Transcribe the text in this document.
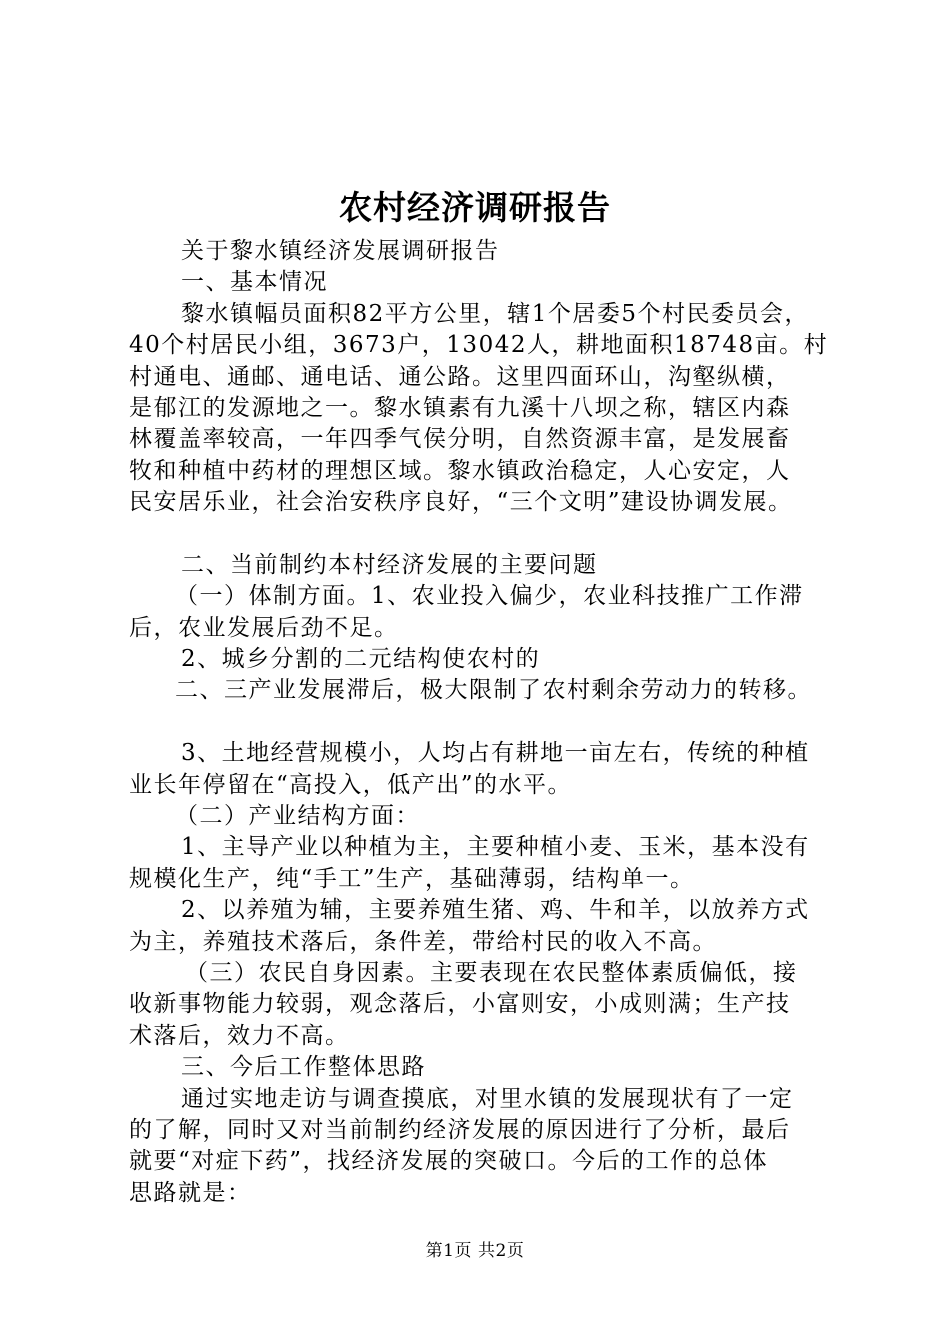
农村经济调研报告
关于黎水镇经济发展调研报告
一、基本情况
黎水镇幅员面积82平方公里，辖1个居委5个村民委员会，
40个村居民小组，3673户，13042人，耕地面积18748亩。村
村通电、通邮、通电话、通公路。这里四面环山，沟壑纵横，
是郁江的发源地之一。黎水镇素有九溪十八坝之称，辖区内森
林覆盖率较高，一年四季气侯分明，自然资源丰富，是发展畜
牧和种植中药材的理想区域。黎水镇政治稳定，人心安定，人
民安居乐业，社会治安秩序良好，“三个文明”建设协调发展。
二、当前制约本村经济发展的主要问题
（一）体制方面。1、农业投入偏少，农业科技推广工作滞
后，农业发展后劲不足。
2、城乡分割的二元结构使农村的
二、三产业发展滞后，极大限制了农村剩余劳动力的转移。
3、土地经营规模小，人均占有耕地一亩左右，传统的种植
业长年停留在“高投入，低产出”的水平。
（二）产业结构方面：
1、主导产业以种植为主，主要种植小麦、玉米，基本没有
规模化生产，纯“手工”生产，基础薄弱，结构单一。
2、以养殖为辅，主要养殖生猪、鸡、牛和羊，以放养方式
为主，养殖技术落后，条件差，带给村民的收入不高。
（三）农民自身因素。主要表现在农民整体素质偏低，接
收新事物能力较弱，观念落后，小富则安，小成则满；生产技
术落后，效力不高。
三、今后工作整体思路
通过实地走访与调查摸底，对里水镇的发展现状有了一定
的了解，同时又对当前制约经济发展的原因进行了分析，最后
就要“对症下药”，找经济发展的突破口。今后的工作的总体
思路就是：
第1页 共2页
